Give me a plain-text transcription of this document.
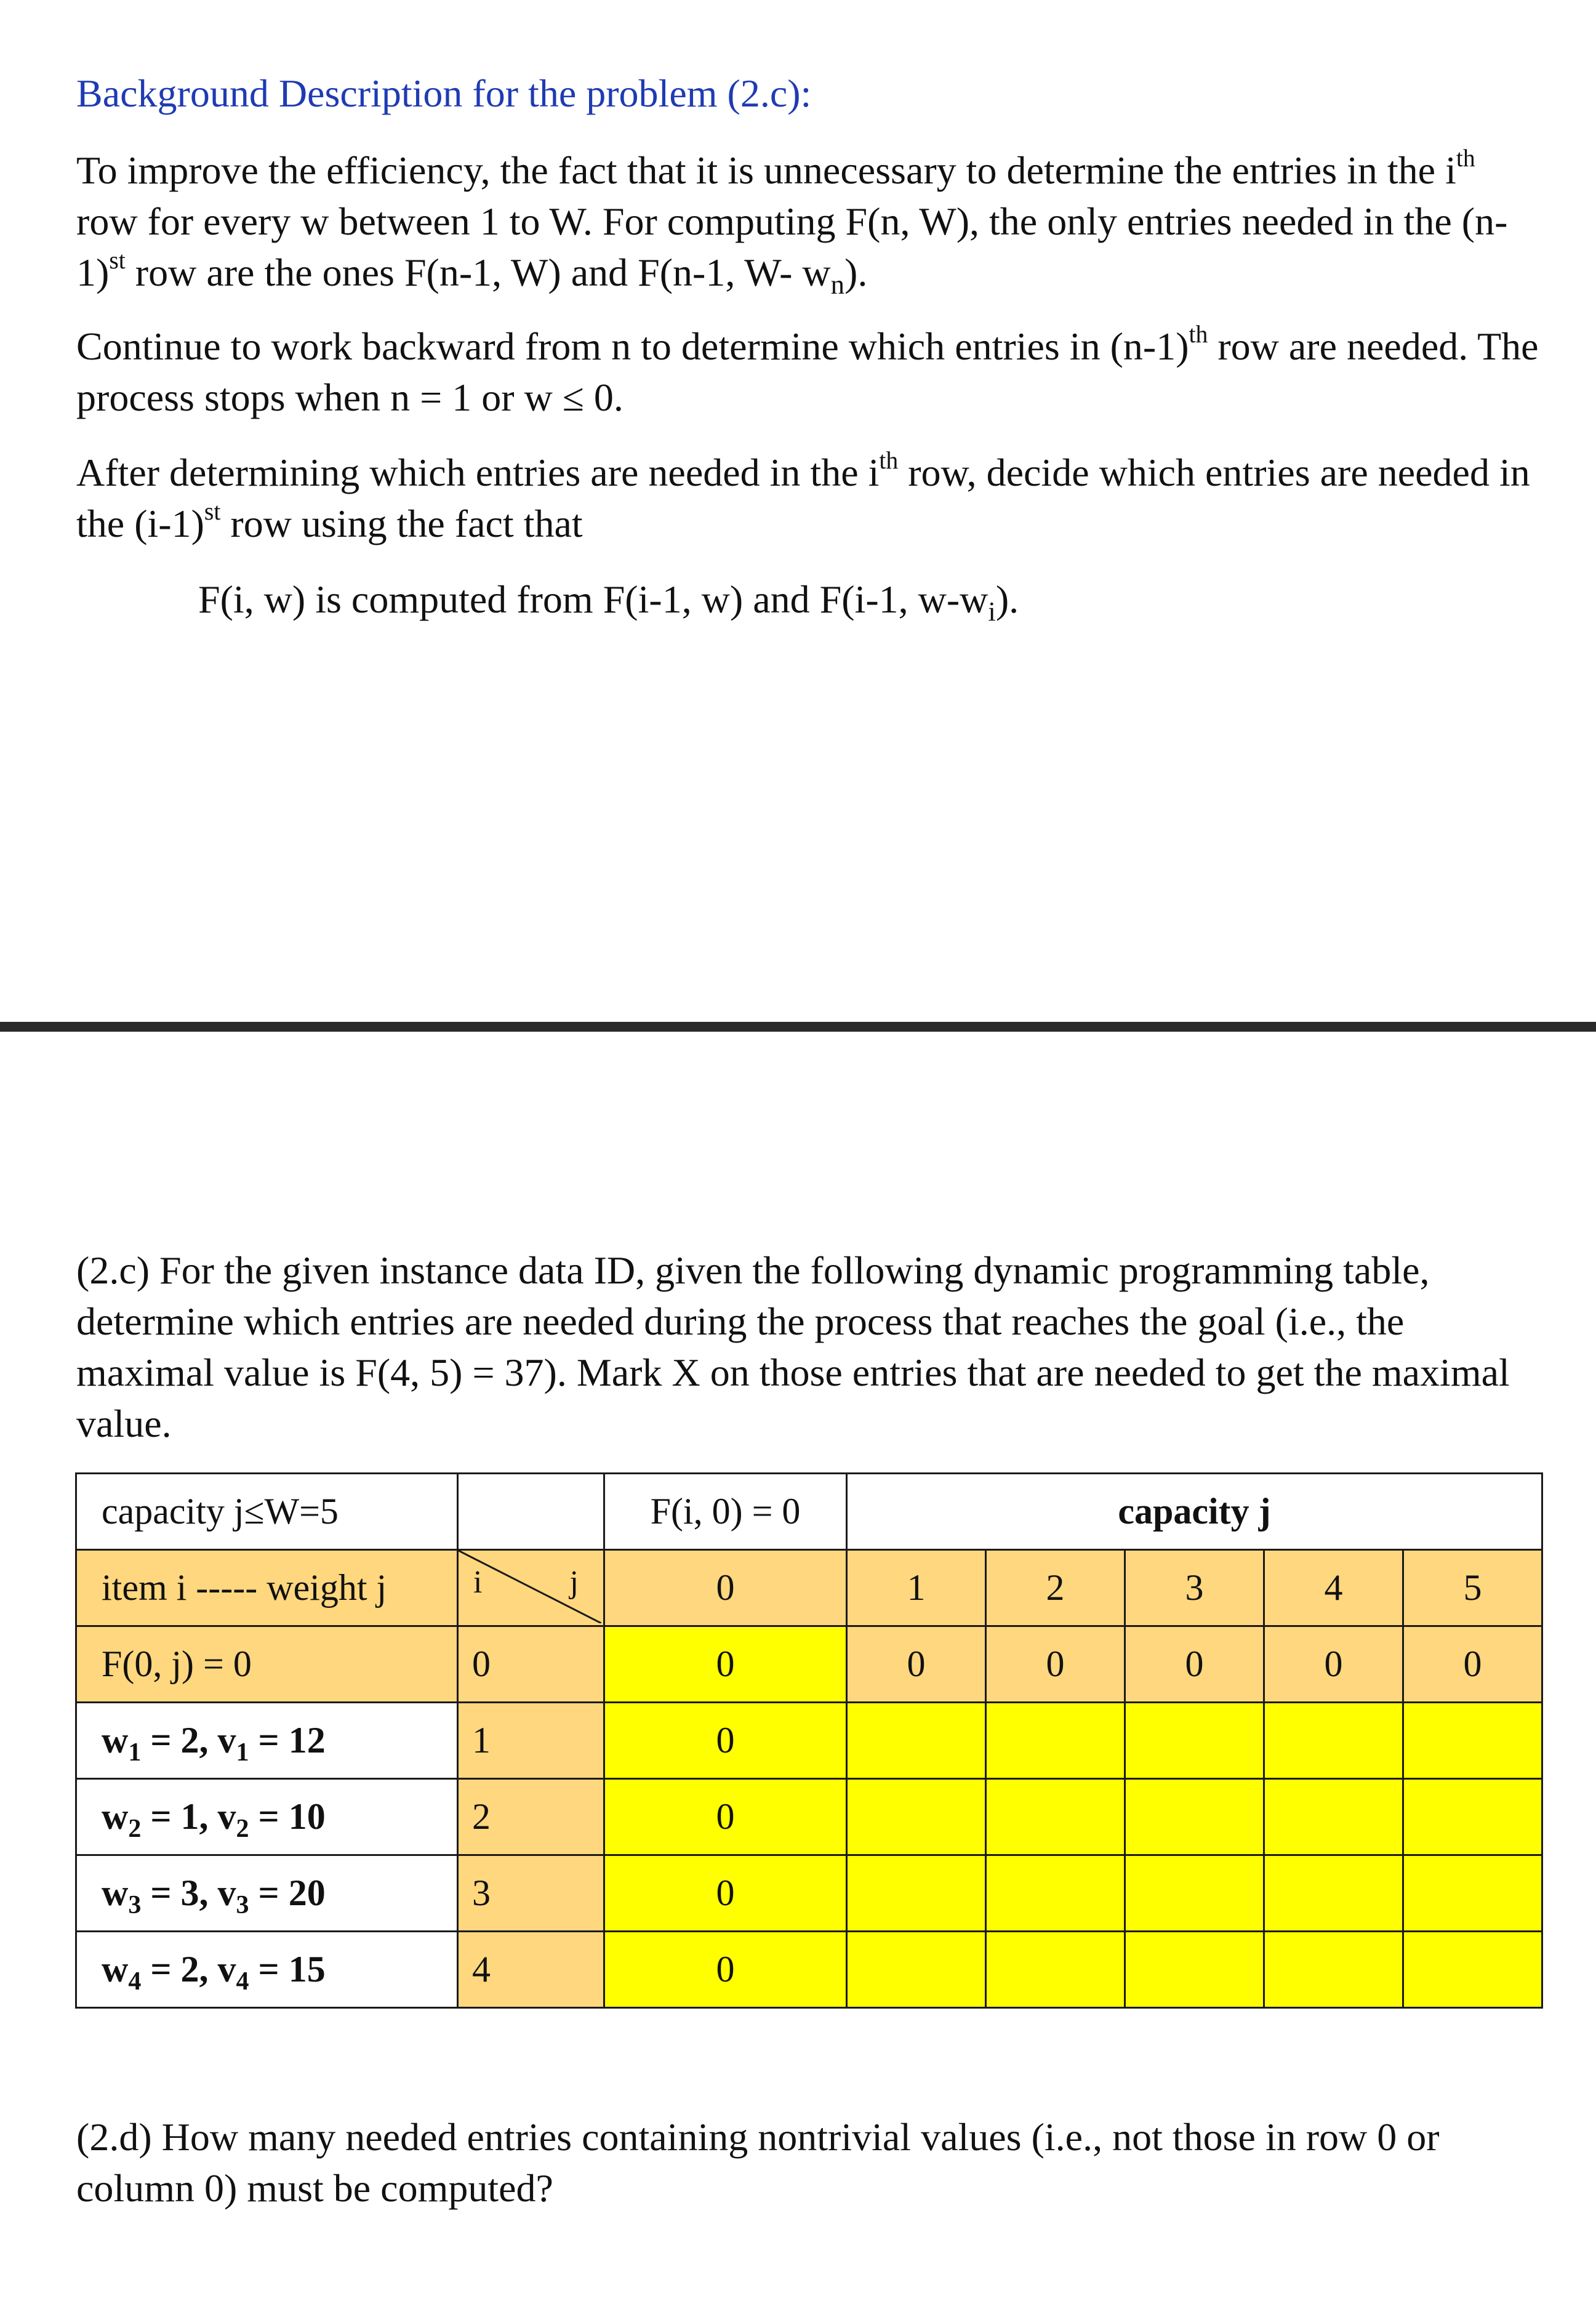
Background Description for the problem (2.c):

To improve the efficiency, the fact that it is unnecessary to determine the entries in the $i^{th}$ row for every w between 1 to W. For computing F(n, W), the only entries needed in the $(n-1)^{st}$ row are the ones F(n-1, W) and F(n-1, W- $w_n$).

Continue to work backward from n to determine which entries in $(n-1)^{th}$ row are needed. The process stops when n = 1 or w ≤ 0.

After determining which entries are needed in the $i^{th}$ row, decide which entries are needed in the $(i-1)^{st}$ row using the fact that

F(i, w) is computed from F(i-1, w) and F(i-1, $w-w_i$).

(2.c) For the given instance data ID, given the following dynamic programming table, determine which entries are needed during the process that reaches the goal (i.e., the maximal value is F(4, 5) = 37). Mark X on those entries that are needed to get the maximal value.

capacity j≤W=5		F(i, 0) = 0	capacity j				
item i ----- weight j	i j	0	1	2	3	4	5
F(0, j) = 0	0	0	0	0	0	0	0
$w_1 = 2$, $v_1 = 12$	1	0					
$w_2 = 1$, $v_2 = 10$	2	0					
$w_3 = 3$, $v_3 = 20$	3	0					
$w_4 = 2$, $v_4 = 15$	4	0					

(2.d) How many needed entries containing nontrivial values (i.e., not those in row 0 or column 0) must be computed?
